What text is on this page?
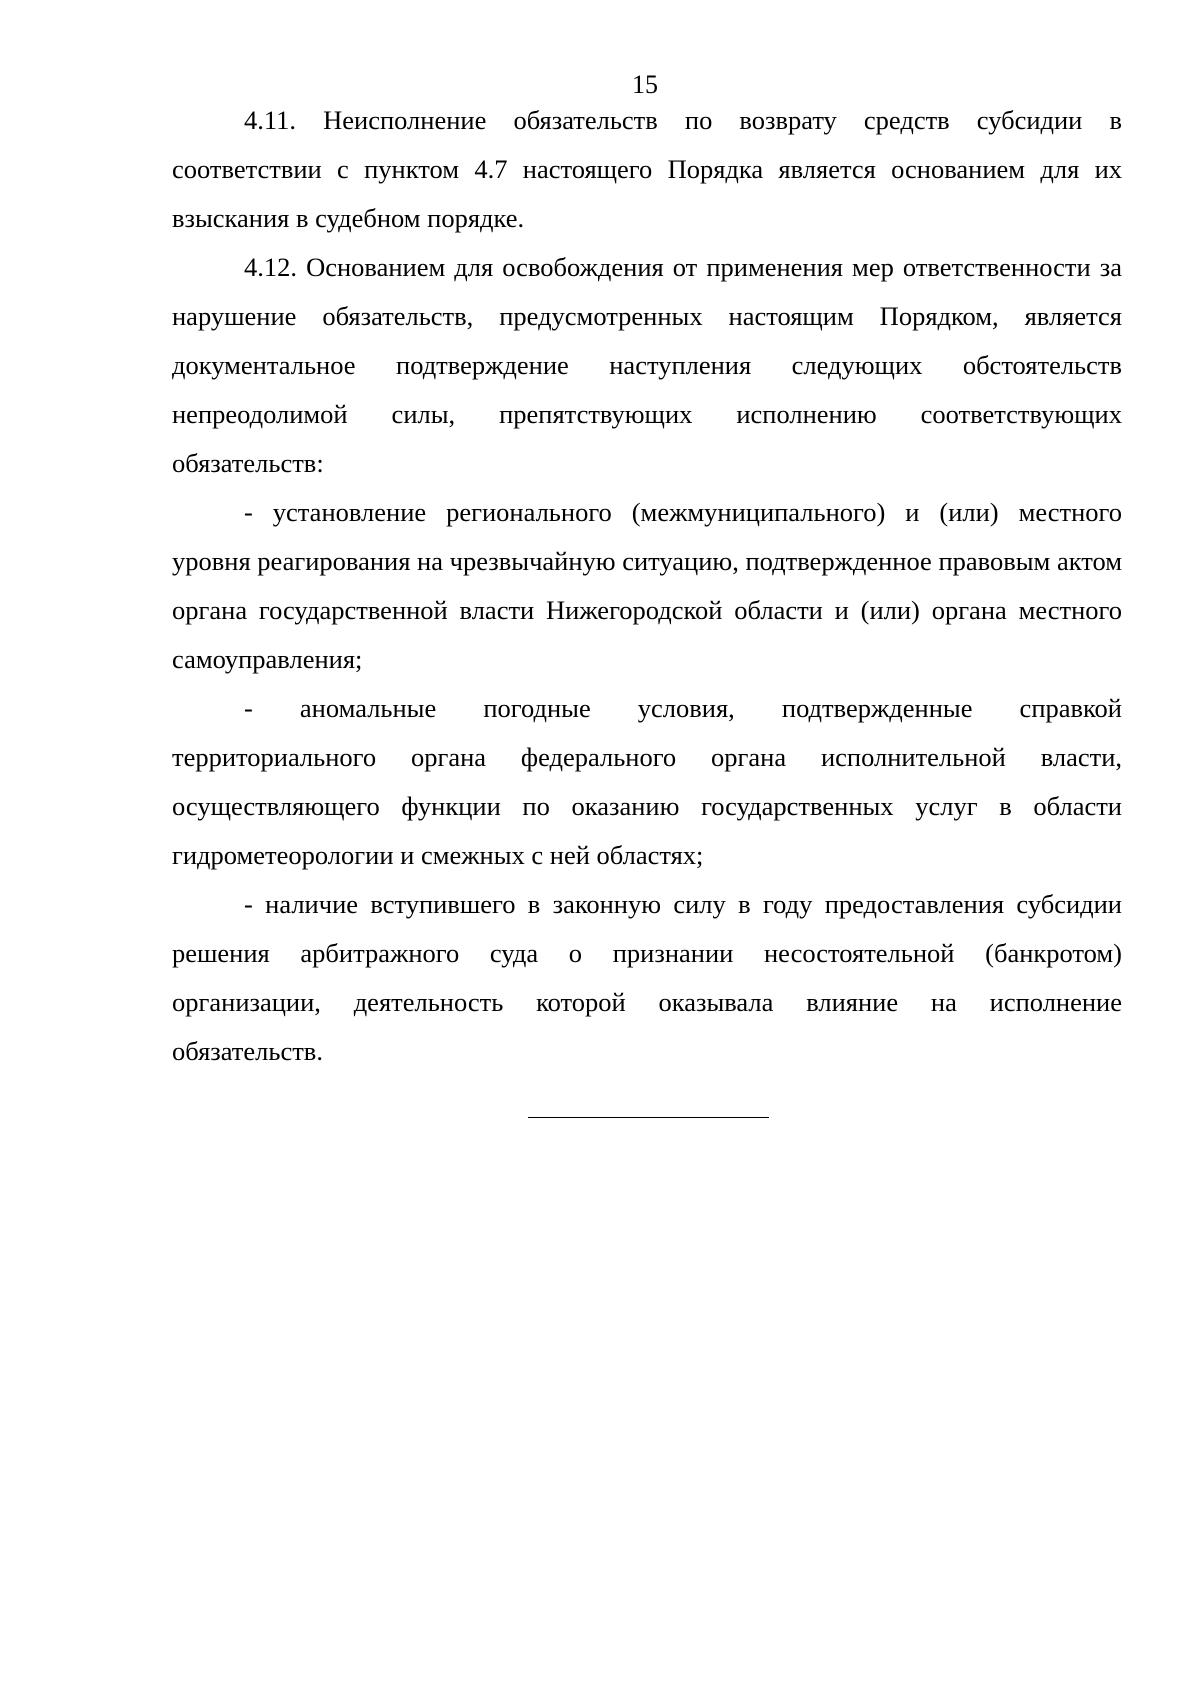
15

4.11. Неисполнение обязательств по возврату средств субсидии в соответствии с пунктом 4.7 настоящего Порядка является основанием для их взыскания в судебном порядке.

4.12. Основанием для освобождения от применения мер ответственности за нарушение обязательств, предусмотренных настоящим Порядком, является документальное подтверждение наступления следующих обстоятельств непреодолимой силы, препятствующих исполнению соответствующих обязательств:

- установление регионального (межмуниципального) и (или) местного уровня реагирования на чрезвычайную ситуацию, подтвержденное правовым актом органа государственной власти Нижегородской области и (или) органа местного самоуправления;

- аномальные погодные условия, подтвержденные справкой территориального органа федерального органа исполнительной власти, осуществляющего функции по оказанию государственных услуг в области гидрометеорологии и смежных с ней областях;

- наличие вступившего в законную силу в году предоставления субсидии решения арбитражного суда о признании несостоятельной (банкротом) организации, деятельность которой оказывала влияние на исполнение обязательств.
